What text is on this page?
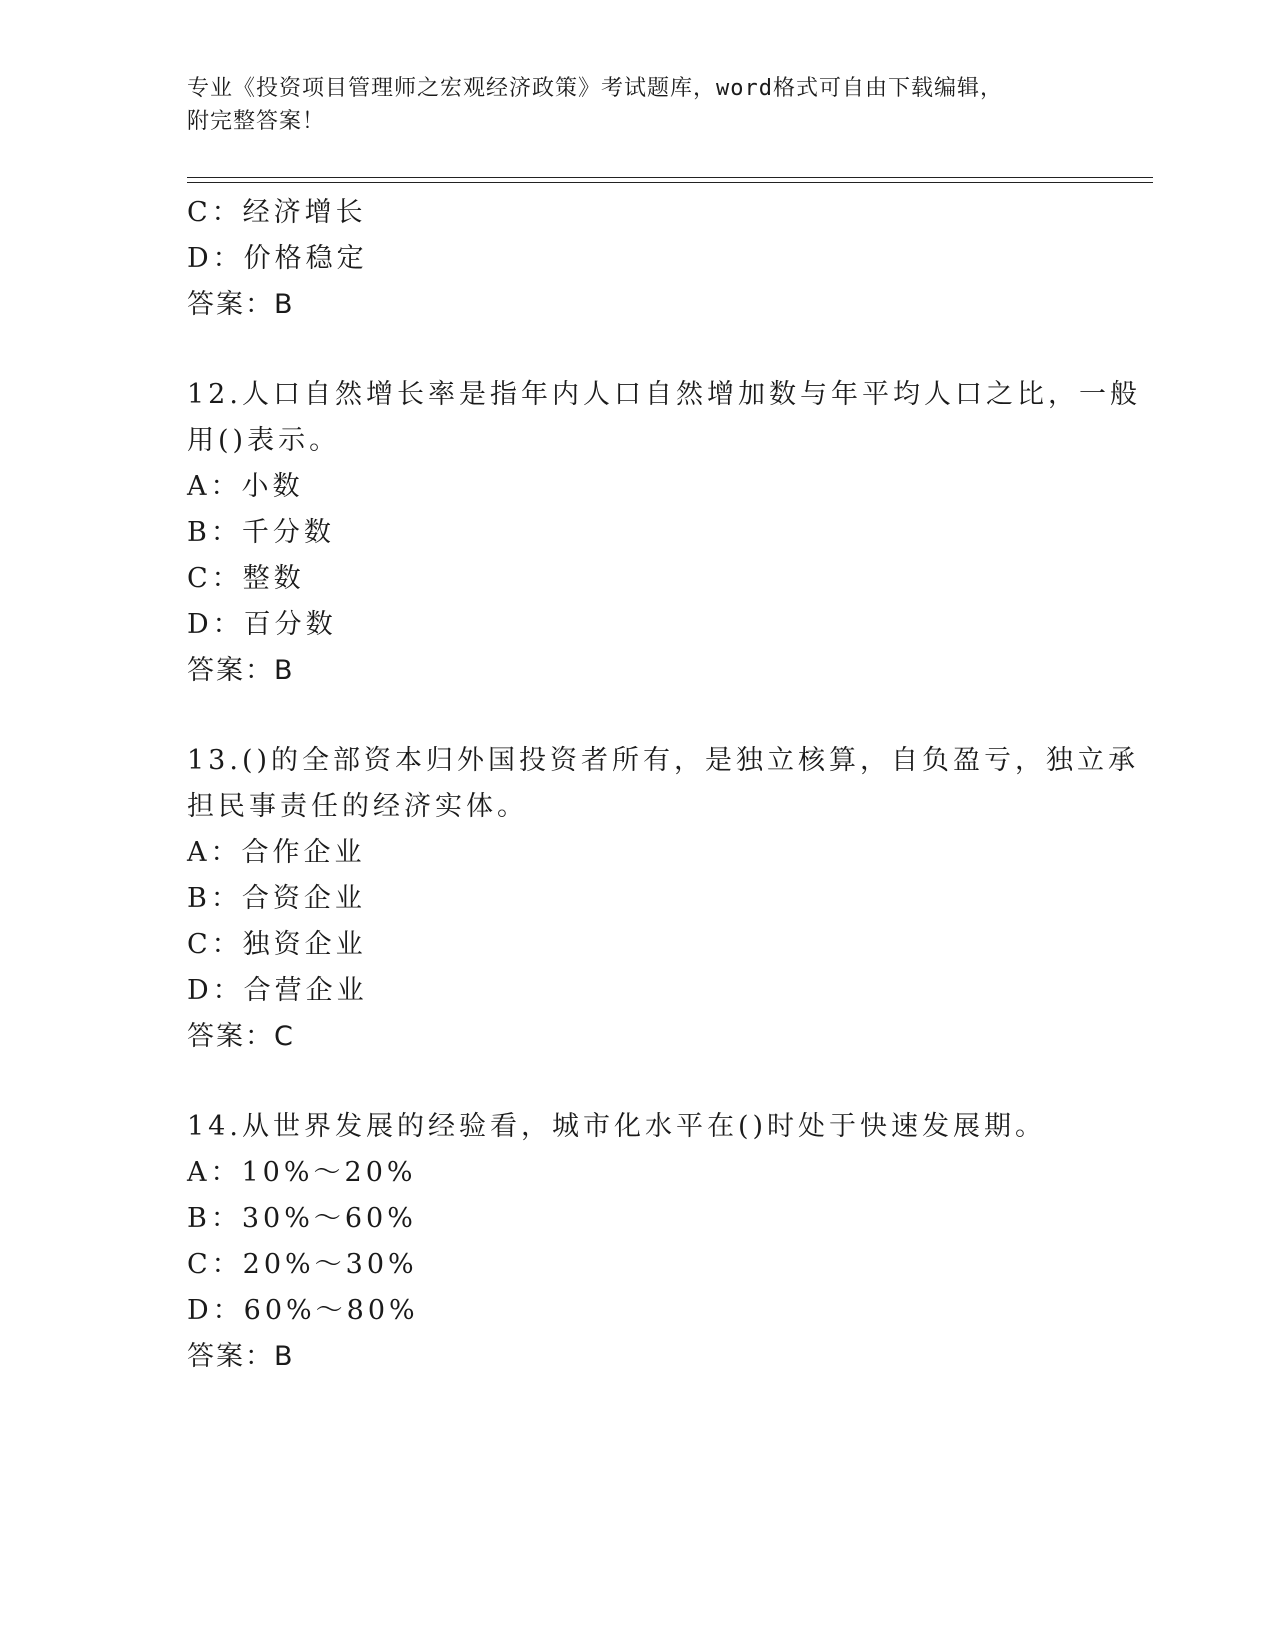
专业《投资项目管理师之宏观经济政策》考试题库，word格式可自由下载编辑，
附完整答案！
C：经济增长
D：价格稳定
答案：B
12.人口自然增长率是指年内人口自然增加数与年平均人口之比，一般
用()表示。
A：小数
B：千分数
C：整数
D：百分数
答案：B
13.()的全部资本归外国投资者所有，是独立核算，自负盈亏，独立承
担民事责任的经济实体。
A：合作企业
B：合资企业
C：独资企业
D：合营企业
答案：C
14.从世界发展的经验看，城市化水平在()时处于快速发展期。
A：10%～20%
B：30%～60%
C：20%～30%
D：60%～80%
答案：B
